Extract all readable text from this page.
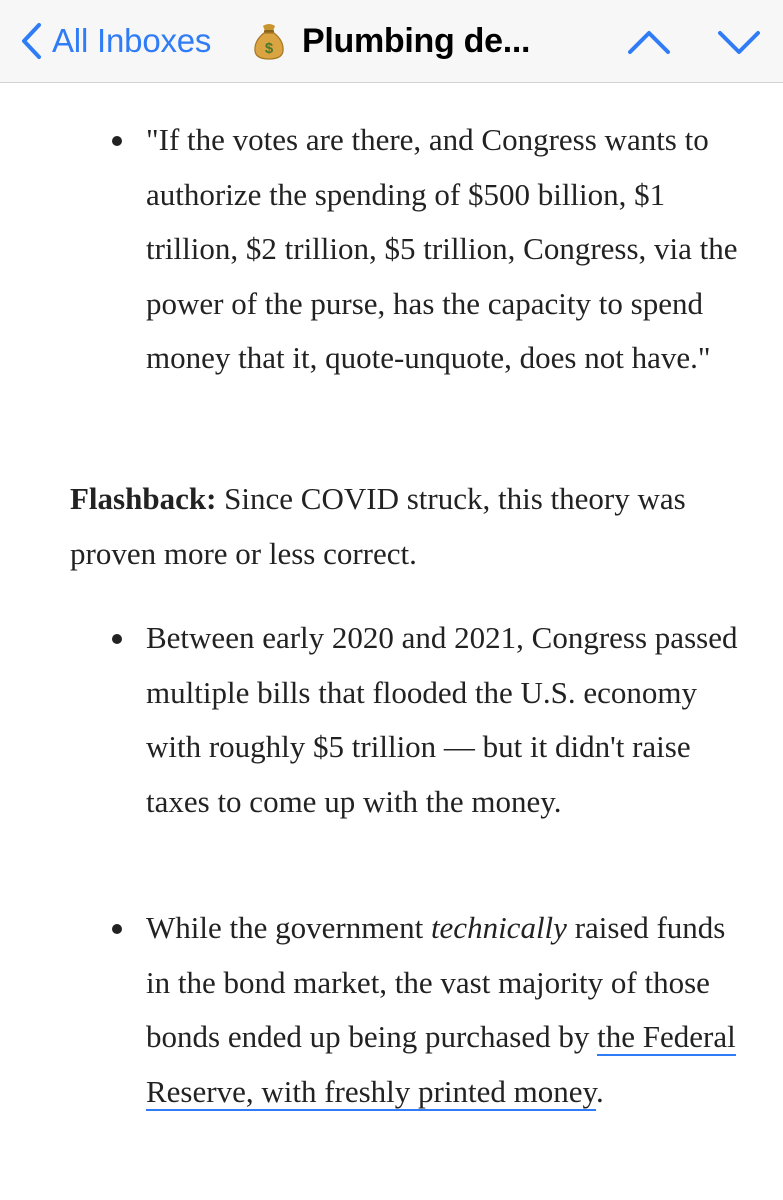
All Inboxes	$ Plumbing de...
"If the votes are there, and Congress wants to authorize the spending of $500 billion, $1 trillion, $2 trillion, $5 trillion, Congress, via the power of the purse, has the capacity to spend money that it, quote-unquote, does not have."

Flashback: Since COVID struck, this theory was proven more or less correct.

Between early 2020 and 2021, Congress passed multiple bills that flooded the U.S. economy with roughly $5 trillion — but it didn't raise taxes to come up with the money.
While the government technically raised funds in the bond market, the vast majority of those bonds ended up being purchased by the Federal Reserve, with freshly printed money.
